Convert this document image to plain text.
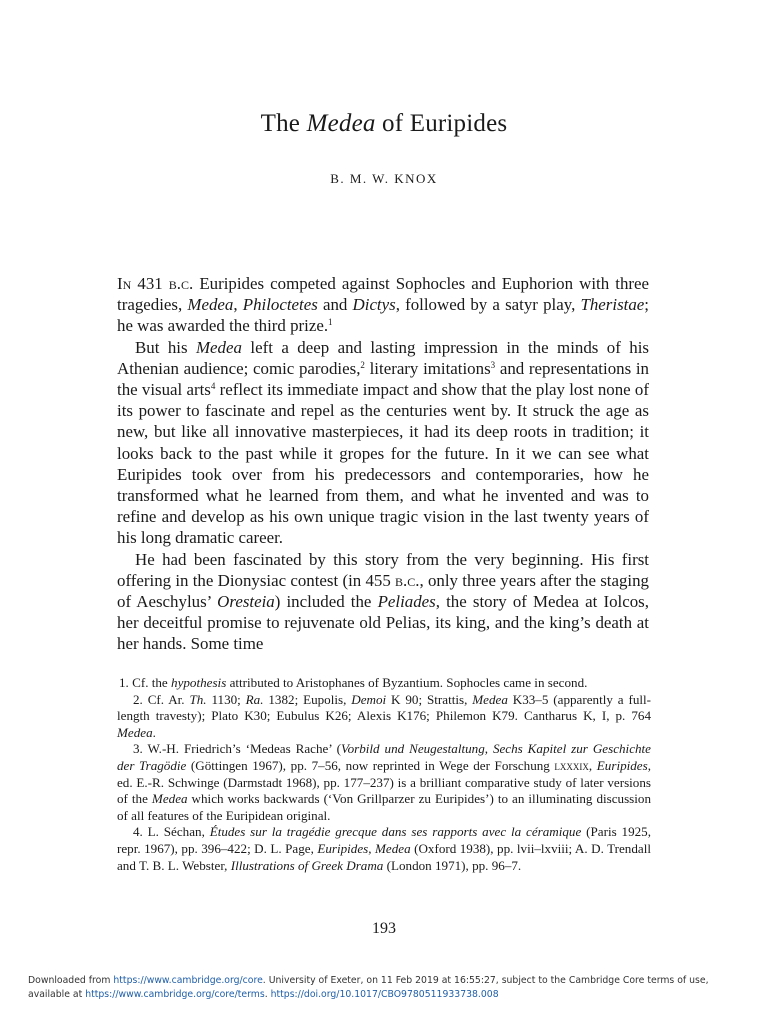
The Medea of Euripides
B. M. W. KNOX

In 431 b.c. Euripides competed against Sophocles and Euphorion with three tragedies, Medea, Philoctetes and Dictys, followed by a satyr play, Theristae; he was awarded the third prize.$^1$

But his Medea left a deep and lasting impression in the minds of his Athenian audience; comic parodies,$^2$ literary imitations$^3$ and representations in the visual arts$^4$ reflect its immediate impact and show that the play lost none of its power to fascinate and repel as the centuries went by. It struck the age as new, but like all innovative masterpieces, it had its deep roots in tradition; it looks back to the past while it gropes for the future. In it we can see what Euripides took over from his predecessors and contemporaries, how he transformed what he learned from them, and what he invented and was to refine and develop as his own unique tragic vision in the last twenty years of his long dramatic career.

He had been fascinated by this story from the very beginning. His first offering in the Dionysiac contest (in 455 b.c., only three years after the staging of Aeschylus’ Oresteia) included the Peliades, the story of Medea at Iolcos, her deceitful promise to rejuvenate old Pelias, its king, and the king’s death at her hands. Some time

1. Cf. the hypothesis attributed to Aristophanes of Byzantium. Sophocles came in second.

2. Cf. Ar. Th. 1130; Ra. 1382; Eupolis, Demoi K 90; Strattis, Medea K33–5 (apparently a full-length travesty); Plato K30; Eubulus K26; Alexis K176; Philemon K79. Cantharus K, I, p. 764 Medea.

3. W.-H. Friedrich’s ‘Medeas Rache’ (Vorbild und Neugestaltung, Sechs Kapitel zur Geschichte der Tragödie (Göttingen 1967), pp. 7–56, now reprinted in Wege der Forschung lxxxix, Euripides, ed. E.-R. Schwinge (Darmstadt 1968), pp. 177–237) is a brilliant comparative study of later versions of the Medea which works backwards (‘Von Grillparzer zu Euripides’) to an illuminating discussion of all features of the Euripidean original.

4. L. Séchan, Études sur la tragédie grecque dans ses rapports avec la céramique (Paris 1925, repr. 1967), pp. 396–422; D. L. Page, Euripides, Medea (Oxford 1938), pp. lvii–lxviii; A. D. Trendall and T. B. L. Webster, Illustrations of Greek Drama (London 1971), pp. 96–7.

193
Downloaded from https://www.cambridge.org/core. University of Exeter, on 11 Feb 2019 at 16:55:27, subject to the Cambridge Core terms of use, available at https://www.cambridge.org/core/terms. https://doi.org/10.1017/CBO9780511933738.008
